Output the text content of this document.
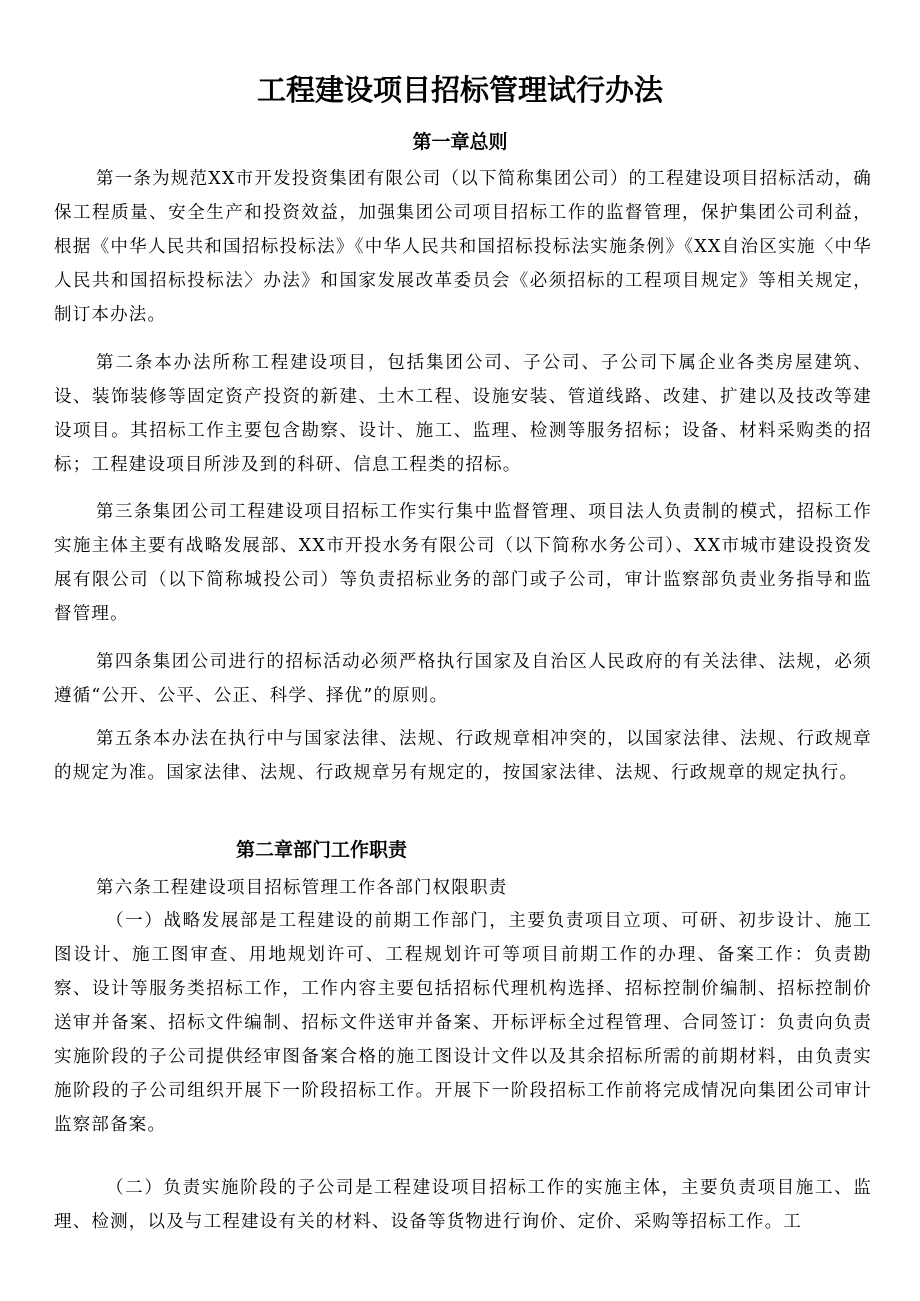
工程建设项目招标管理试行办法
第一章总则
第一条为规范XX市开发投资集团有限公司（以下简称集团公司）的工程建设项目招标活动，确保工程质量、安全生产和投资效益，加强集团公司项目招标工作的监督管理，保护集团公司利益，根据《中华人民共和国招标投标法》《中华人民共和国招标投标法实施条例》《XX自治区实施〈中华人民共和国招标投标法〉办法》和国家发展改革委员会《必须招标的工程项目规定》等相关规定，制订本办法。
第二条本办法所称工程建设项目，包括集团公司、子公司、子公司下属企业各类房屋建筑、设、装饰装修等固定资产投资的新建、土木工程、设施安装、管道线路、改建、扩建以及技改等建设项目。其招标工作主要包含勘察、设计、施工、监理、检测等服务招标；设备、材料采购类的招标；工程建设项目所涉及到的科研、信息工程类的招标。
第三条集团公司工程建设项目招标工作实行集中监督管理、项目法人负责制的模式，招标工作实施主体主要有战略发展部、XX市开投水务有限公司（以下简称水务公司）、XX市城市建设投资发展有限公司（以下简称城投公司）等负责招标业务的部门或子公司，审计监察部负责业务指导和监督管理。
第四条集团公司进行的招标活动必须严格执行国家及自治区人民政府的有关法律、法规，必须遵循“公开、公平、公正、科学、择优”的原则。
第五条本办法在执行中与国家法律、法规、行政规章相冲突的，以国家法律、法规、行政规章的规定为准。国家法律、法规、行政规章另有规定的，按国家法律、法规、行政规章的规定执行。
第二章部门工作职责
第六条工程建设项目招标管理工作各部门权限职责
（一）战略发展部是工程建设的前期工作部门，主要负责项目立项、可研、初步设计、施工图设计、施工图审查、用地规划许可、工程规划许可等项目前期工作的办理、备案工作：负责勘察、设计等服务类招标工作，工作内容主要包括招标代理机构选择、招标控制价编制、招标控制价送审并备案、招标文件编制、招标文件送审并备案、开标评标全过程管理、合同签订：负责向负责实施阶段的子公司提供经审图备案合格的施工图设计文件以及其余招标所需的前期材料，由负责实施阶段的子公司组织开展下一阶段招标工作。开展下一阶段招标工作前将完成情况向集团公司审计监察部备案。
（二）负责实施阶段的子公司是工程建设项目招标工作的实施主体，主要负责项目施工、监理、检测，以及与工程建设有关的材料、设备等货物进行询价、定价、采购等招标工作。工
